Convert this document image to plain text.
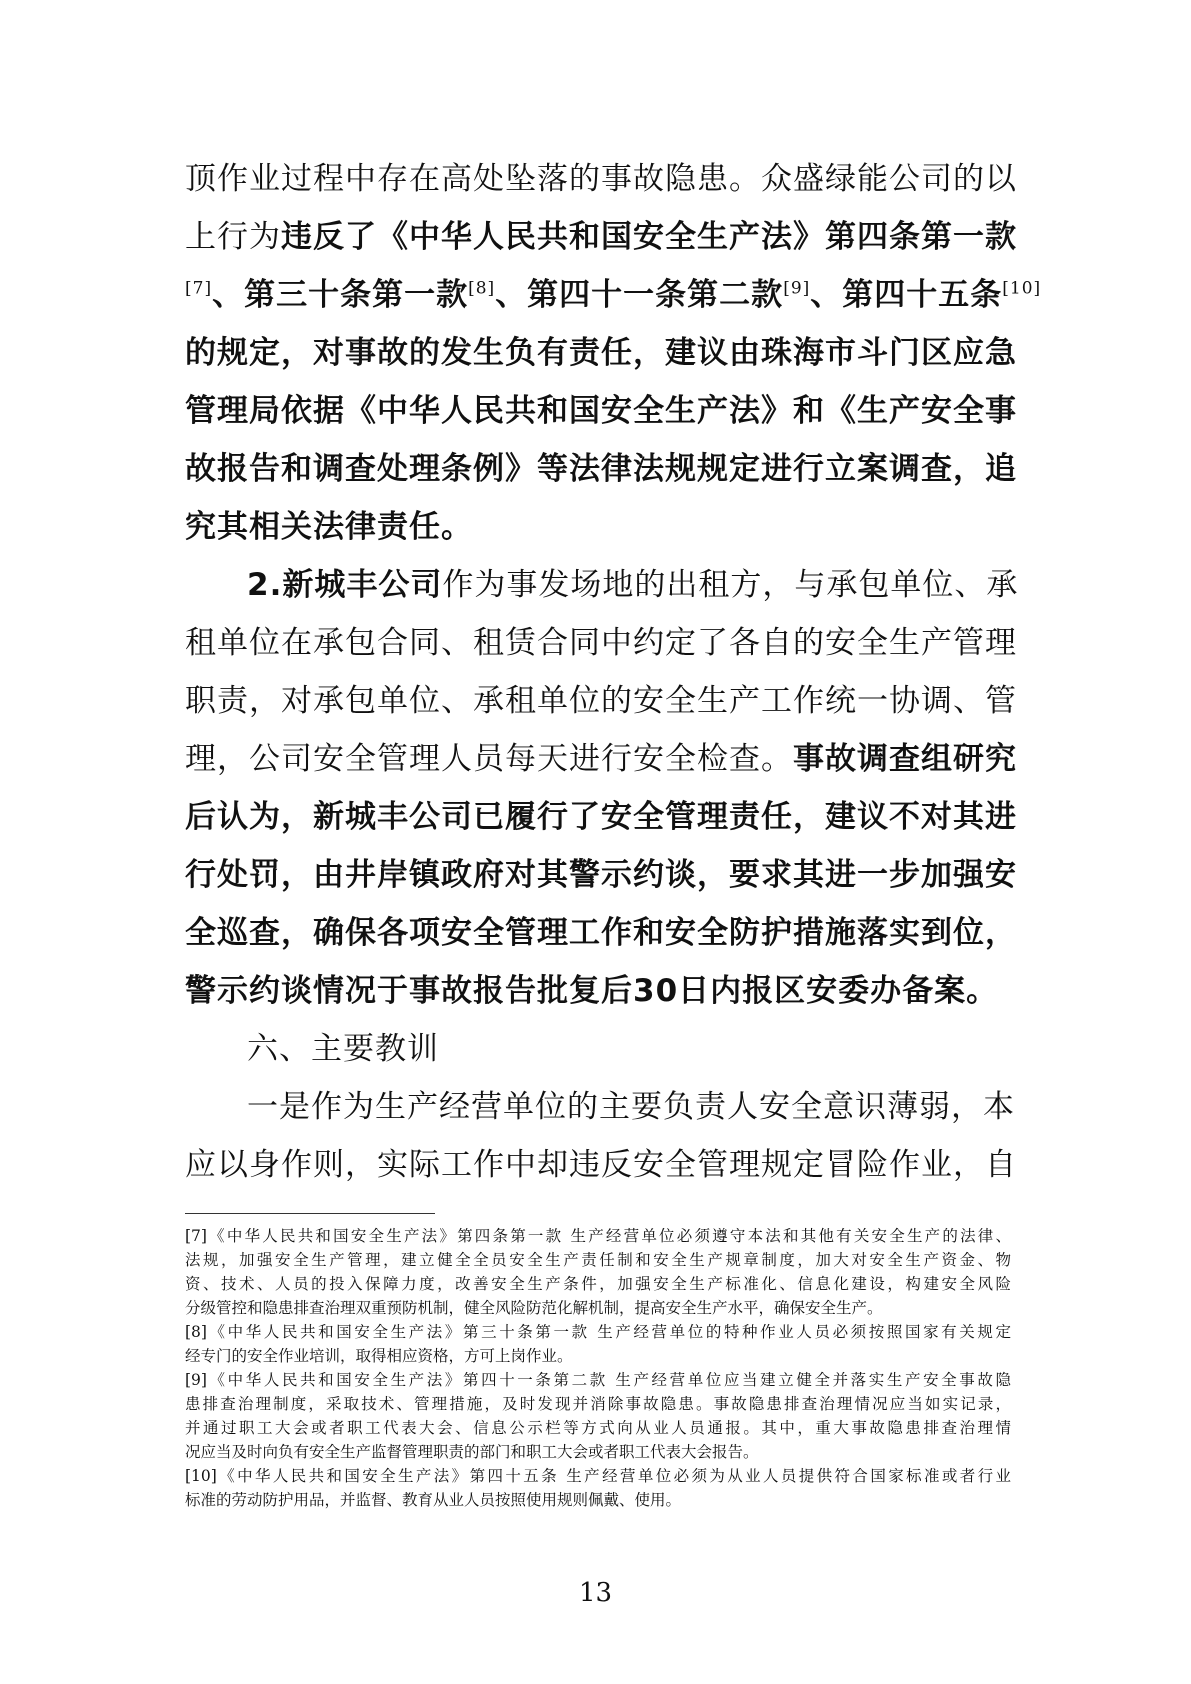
顶作业过程中存在高处坠落的事故隐患。众盛绿能公司的以
上行为违反了《中华人民共和国安全生产法》第四条第一款
[7]、第三十条第一款[8]、第四十一条第二款[9]、第四十五条[10]
的规定，对事故的发生负有责任，建议由珠海市斗门区应急
管理局依据《中华人民共和国安全生产法》和《生产安全事
故报告和调查处理条例》等法律法规规定进行立案调查，追
究其相关法律责任。
2.新城丰公司作为事发场地的出租方，与承包单位、承
租单位在承包合同、租赁合同中约定了各自的安全生产管理
职责，对承包单位、承租单位的安全生产工作统一协调、管
理，公司安全管理人员每天进行安全检查。事故调查组研究
后认为，新城丰公司已履行了安全管理责任，建议不对其进
行处罚，由井岸镇政府对其警示约谈，要求其进一步加强安
全巡查，确保各项安全管理工作和安全防护措施落实到位，
警示约谈情况于事故报告批复后30日内报区安委办备案。
六、主要教训
一是作为生产经营单位的主要负责人安全意识薄弱，本
应以身作则，实际工作中却违反安全管理规定冒险作业，自
[7]《中华人民共和国安全生产法》第四条第一款 生产经营单位必须遵守本法和其他有关安全生产的法律、
法规，加强安全生产管理，建立健全全员安全生产责任制和安全生产规章制度，加大对安全生产资金、物
资、技术、人员的投入保障力度，改善安全生产条件，加强安全生产标准化、信息化建设，构建安全风险
分级管控和隐患排查治理双重预防机制，健全风险防范化解机制，提高安全生产水平，确保安全生产。
[8]《中华人民共和国安全生产法》第三十条第一款 生产经营单位的特种作业人员必须按照国家有关规定
经专门的安全作业培训，取得相应资格，方可上岗作业。
[9]《中华人民共和国安全生产法》第四十一条第二款 生产经营单位应当建立健全并落实生产安全事故隐
患排查治理制度，采取技术、管理措施，及时发现并消除事故隐患。事故隐患排查治理情况应当如实记录，
并通过职工大会或者职工代表大会、信息公示栏等方式向从业人员通报。其中，重大事故隐患排查治理情
况应当及时向负有安全生产监督管理职责的部门和职工大会或者职工代表大会报告。
[10]《中华人民共和国安全生产法》第四十五条 生产经营单位必须为从业人员提供符合国家标准或者行业
标准的劳动防护用品，并监督、教育从业人员按照使用规则佩戴、使用。
13
